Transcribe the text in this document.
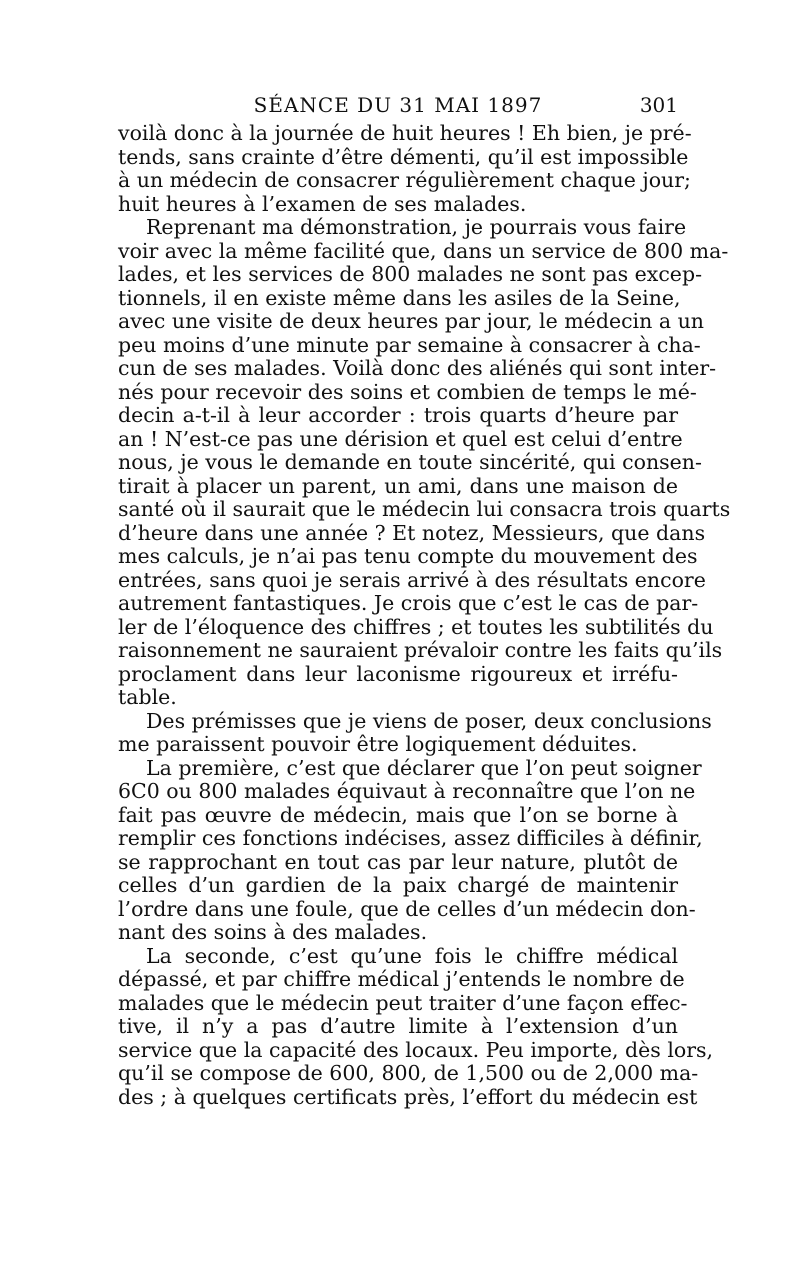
SÉANCE DU 31 MAI 1897	301
voilà donc à la journée de huit heures ! Eh bien, je pré-
tends, sans crainte d’être démenti, qu’il est impossible
à un médecin de consacrer régulièrement chaque jour;
huit heures à l’examen de ses malades.
Reprenant ma démonstration, je pourrais vous faire
voir avec la même facilité que, dans un service de 800 ma-
lades, et les services de 800 malades ne sont pas excep-
tionnels, il en existe même dans les asiles de la Seine,
avec une visite de deux heures par jour, le médecin a un
peu moins d’une minute par semaine à consacrer à cha-
cun de ses malades. Voilà donc des aliénés qui sont inter-
nés pour recevoir des soins et combien de temps le mé-
decin a-t-il à leur accorder : trois quarts d’heure par
an ! N’est-ce pas une dérision et quel est celui d’entre
nous, je vous le demande en toute sincérité, qui consen-
tirait à placer un parent, un ami, dans une maison de
santé où il saurait que le médecin lui consacra trois quarts
d’heure dans une année ? Et notez, Messieurs, que dans
mes calculs, je n’ai pas tenu compte du mouvement des
entrées, sans quoi je serais arrivé à des résultats encore
autrement fantastiques. Je crois que c’est le cas de par-
ler de l’éloquence des chiffres ; et toutes les subtilités du
raisonnement ne sauraient prévaloir contre les faits qu’ils
proclament dans leur laconisme rigoureux et irréfu-
table.
Des prémisses que je viens de poser, deux conclusions
me paraissent pouvoir être logiquement déduites.
La première, c’est que déclarer que l’on peut soigner
6C0 ou 800 malades équivaut à reconnaître que l’on ne
fait pas œuvre de médecin, mais que l’on se borne à
remplir ces fonctions indécises, assez difficiles à définir,
se rapprochant en tout cas par leur nature, plutôt de
celles d’un gardien de la paix chargé de maintenir
l’ordre dans une foule, que de celles d’un médecin don-
nant des soins à des malades.
La seconde, c’est qu’une fois le chiffre médical
dépassé, et par chiffre médical j’entends le nombre de
malades que le médecin peut traiter d’une façon effec-
tive, il n’y a pas d’autre limite à l’extension d’un
service que la capacité des locaux. Peu importe, dès lors,
qu’il se compose de 600, 800, de 1,500 ou de 2,000 ma-
des ; à quelques certificats près, l’effort du médecin est
